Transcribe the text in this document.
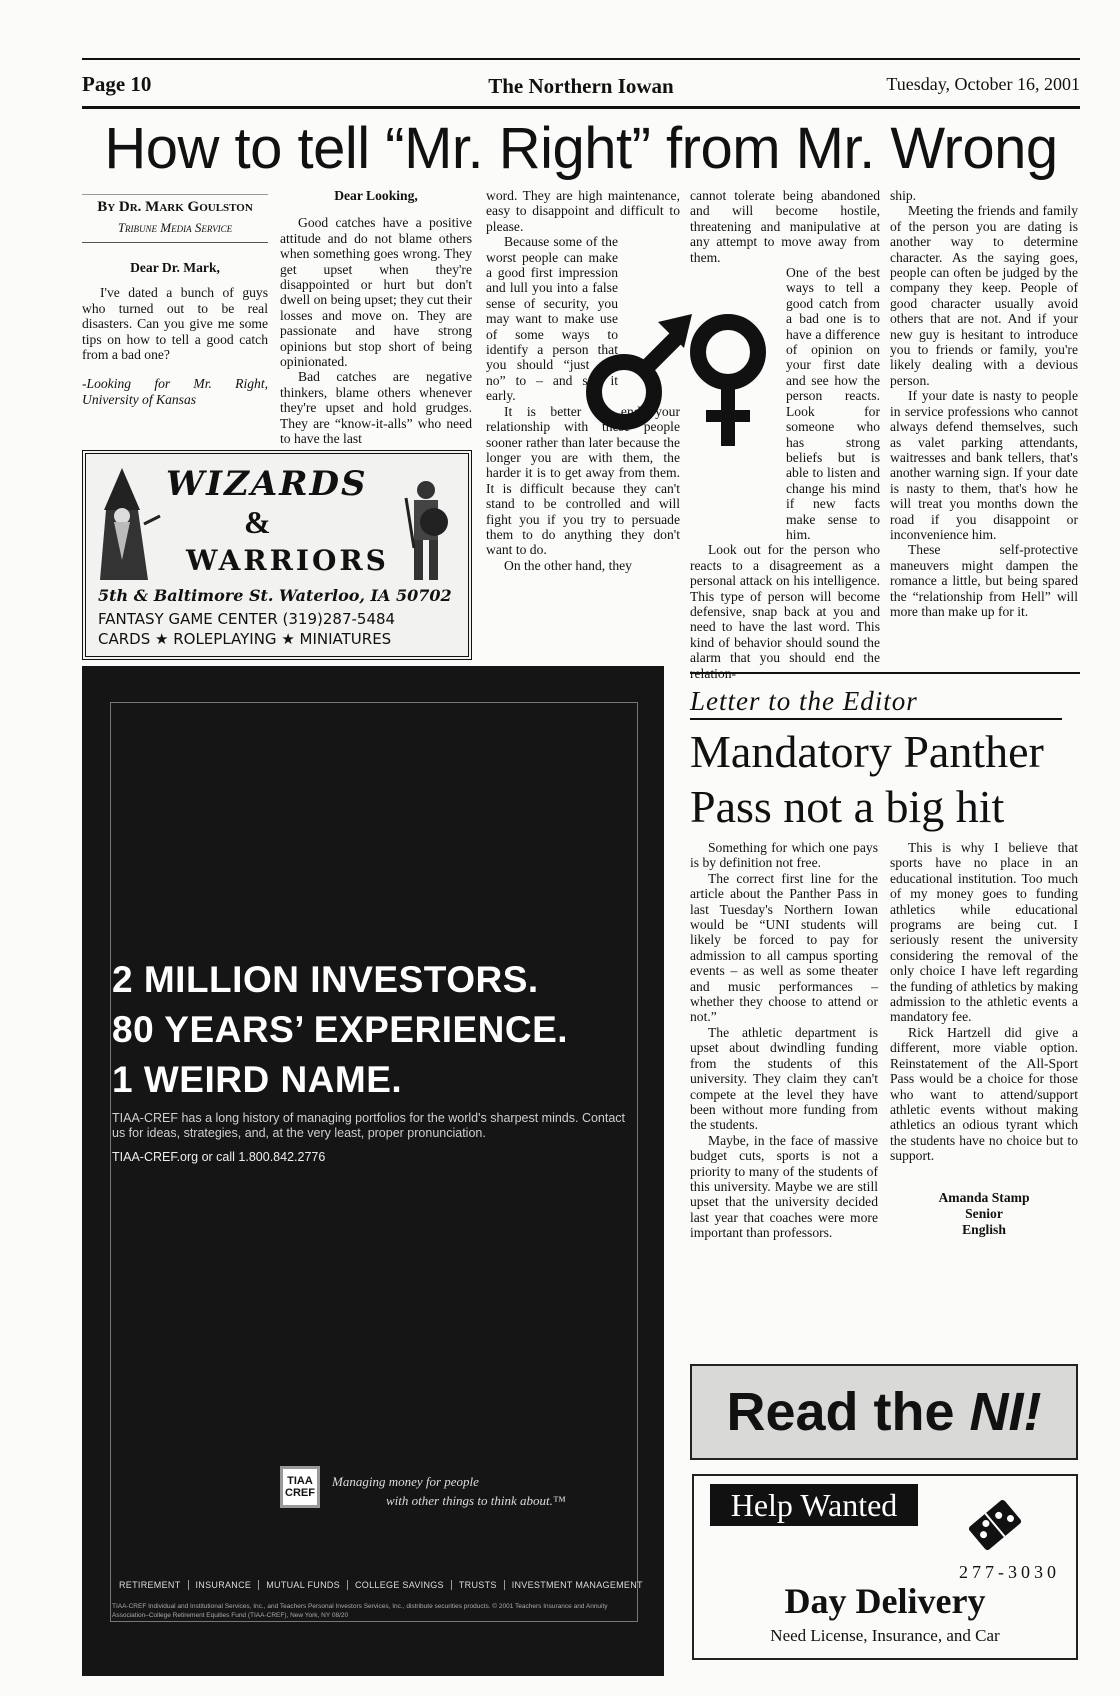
Page 10	The Northern Iowan	Tuesday, October 16, 2001
How to tell “Mr. Right” from Mr. Wrong
By Dr. Mark Goulston
Tribune Media Service
Dear Dr. Mark,

I've dated a bunch of guys who turned out to be real disasters. Can you give me some tips on how to tell a good catch from a bad one?

-Looking for Mr. Right, University of Kansas

Dear Looking,

Good catches have a positive attitude and do not blame others when something goes wrong. They get upset when they're disappointed or hurt but don't dwell on being upset; they cut their losses and move on. They are passionate and have strong opinions but stop short of being opinionated.

Bad catches are negative thinkers, blame others whenever they're upset and hold grudges. They are “know-it-alls” who need to have the last

word. They are high maintenance, easy to disappoint and difficult to please.

Because some of the worst people can make a good first impression and lull you into a false sense of security, you may want to make use of some ways to identify a person that you should “just say no” to – and say it early.

It is better to end your relationship with these people sooner rather than later because the longer you are with them, the harder it is to get away from them. It is difficult because they can't stand to be controlled and will fight you if you try to persuade them to do anything they don't want to do.

On the other hand, they

cannot tolerate being abandoned and will become hostile, threatening and manipulative at any attempt to move away from them.

One of the best ways to tell a good catch from a bad one is to have a difference of opinion on your first date and see how the person reacts. Look for someone who has strong beliefs but is able to listen and change his mind if new facts make sense to him.

Look out for the person who reacts to a disagreement as a personal attack on his intelligence. This type of person will become defensive, snap back at you and need to have the last word. This kind of behavior should sound the alarm that you should end the relation-

ship.

Meeting the friends and family of the person you are dating is another way to determine character. As the saying goes, people can often be judged by the company they keep. People of good character usually avoid others that are not. And if your new guy is hesitant to introduce you to friends or family, you're likely dealing with a devious person.

If your date is nasty to people in service professions who cannot always defend themselves, such as valet parking attendants, waitresses and bank tellers, that's another warning sign. If your date is nasty to them, that's how he will treat you months down the road if you disappoint or inconvenience him.

These self-protective maneuvers might dampen the romance a little, but being spared the “relationship from Hell” will more than make up for it.

WIZARDS
&
WARRIORS
5th & Baltimore St. Waterloo, IA 50702
FANTASY GAME CENTER (319)287-5484
CARDS ★ ROLEPLAYING ★ MINIATURES
2 MILLION INVESTORS.
80 YEARS’ EXPERIENCE.
1 WEIRD NAME.
TIAA-CREF has a long history of managing portfolios for the world's sharpest minds. Contact us for ideas, strategies, and, at the very least, proper pronunciation.
TIAA-CREF.org or call 1.800.842.2776
TIAA
CREF
Managing money for people
with other things to think about.™
RETIREMENT INSURANCE MUTUAL FUNDS COLLEGE SAVINGS TRUSTS INVESTMENT MANAGEMENT
TIAA-CREF Individual and Institutional Services, Inc., and Teachers Personal Investors Services, Inc., distribute securities products. © 2001 Teachers Insurance and Annuity Association–College Retirement Equities Fund (TIAA-CREF), New York, NY 08/20
Letter to the Editor
Mandatory Panther Pass not a big hit

Something for which one pays is by definition not free.

The correct first line for the article about the Panther Pass in last Tuesday's Northern Iowan would be “UNI students will likely be forced to pay for admission to all campus sporting events – as well as some theater and music performances – whether they choose to attend or not.”

The athletic department is upset about dwindling funding from the students of this university. They claim they can't compete at the level they have been without more funding from the students.

Maybe, in the face of massive budget cuts, sports is not a priority to many of the students of this university. Maybe we are still upset that the university decided last year that coaches were more important than professors.

This is why I believe that sports have no place in an educational institution. Too much of my money goes to funding athletics while educational programs are being cut. I seriously resent the university considering the removal of the only choice I have left regarding the funding of athletics by making admission to the athletic events a mandatory fee.

Rick Hartzell did give a different, more viable option. Reinstatement of the All-Sport Pass would be a choice for those who want to attend/support athletic events without making athletics an odious tyrant which the students have no choice but to support.

Amanda Stamp
Senior
English
Read the NI!
Help Wanted
277-3030
Day Delivery
Need License, Insurance, and Car
